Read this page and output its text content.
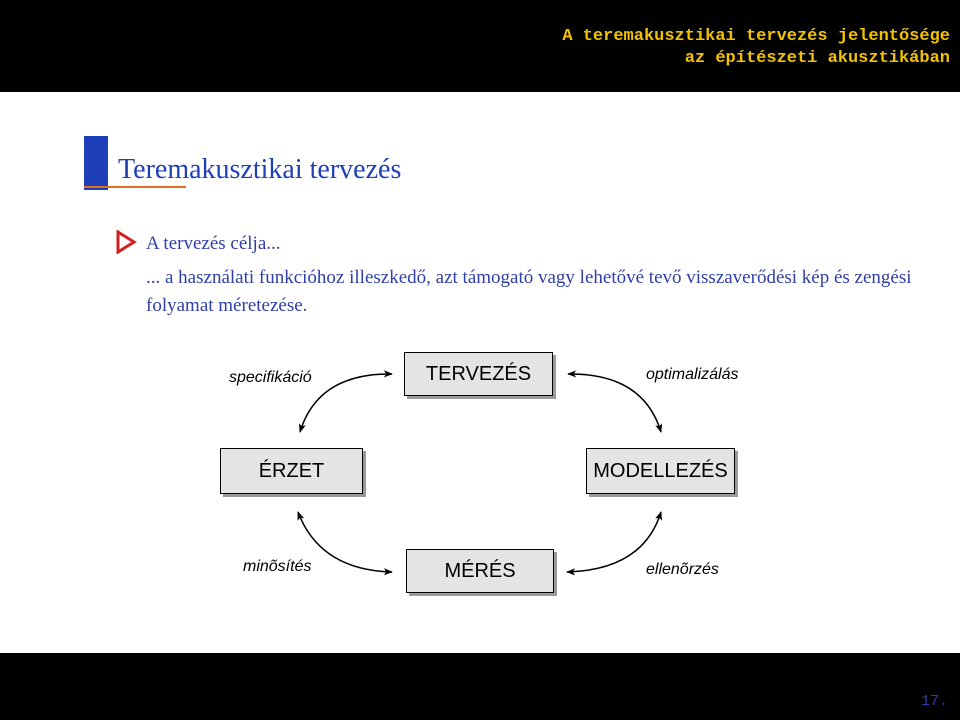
A teremakusztikai tervezés jelentősége
az építészeti akusztikában
Teremakusztikai tervezés
A tervezés célja...
... a használati funkcióhoz illeszkedő, azt támogató vagy lehetővé tevő visszaverődési kép és zengési folyamat méretezése.
specifikáció	TERVEZÉS	optimalizálás
ÉRZET	MODELLEZÉS
minõsítés	MÉRÉS	ellenõrzés
17.
